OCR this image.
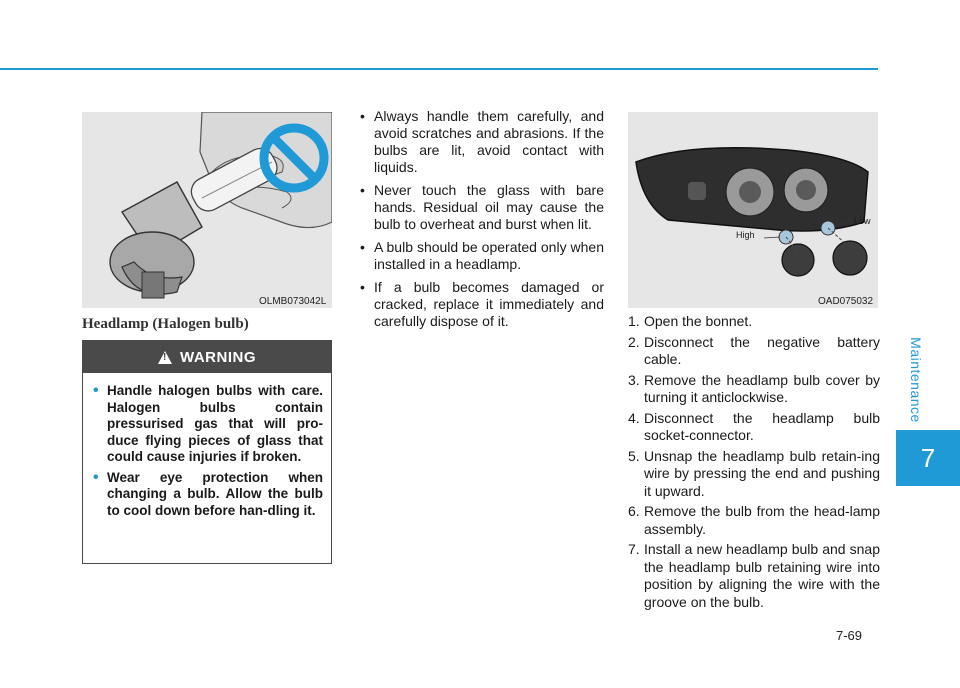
Maintenance
7
OLMB073042L
Headlamp (Halogen bulb)
!
WARNING
• Handle halogen bulbs with care. Halogen bulbs contain pressurised gas that will pro-duce flying pieces of glass that could cause injuries if broken.
• Wear eye protection when changing a bulb. Allow the bulb to cool down before han-dling it.
• Always handle them carefully, and avoid scratches and abrasions. If the bulbs are lit, avoid contact with liquids.
• Never touch the glass with bare hands. Residual oil may cause the bulb to overheat and burst when lit.
• A bulb should be operated only when installed in a headlamp.
• If a bulb becomes damaged or cracked, replace it immediately and carefully dispose of it.
High
Low
OAD075032
1. Open the bonnet.
2. Disconnect the negative battery cable.
3. Remove the headlamp bulb cover by turning it anticlockwise.
4. Disconnect the headlamp bulb socket-connector.
5. Unsnap the headlamp bulb retain-ing wire by pressing the end and pushing it upward.
6. Remove the bulb from the head-lamp assembly.
7. Install a new headlamp bulb and snap the headlamp bulb retaining wire into position by aligning the wire with the groove on the bulb.
7-69
